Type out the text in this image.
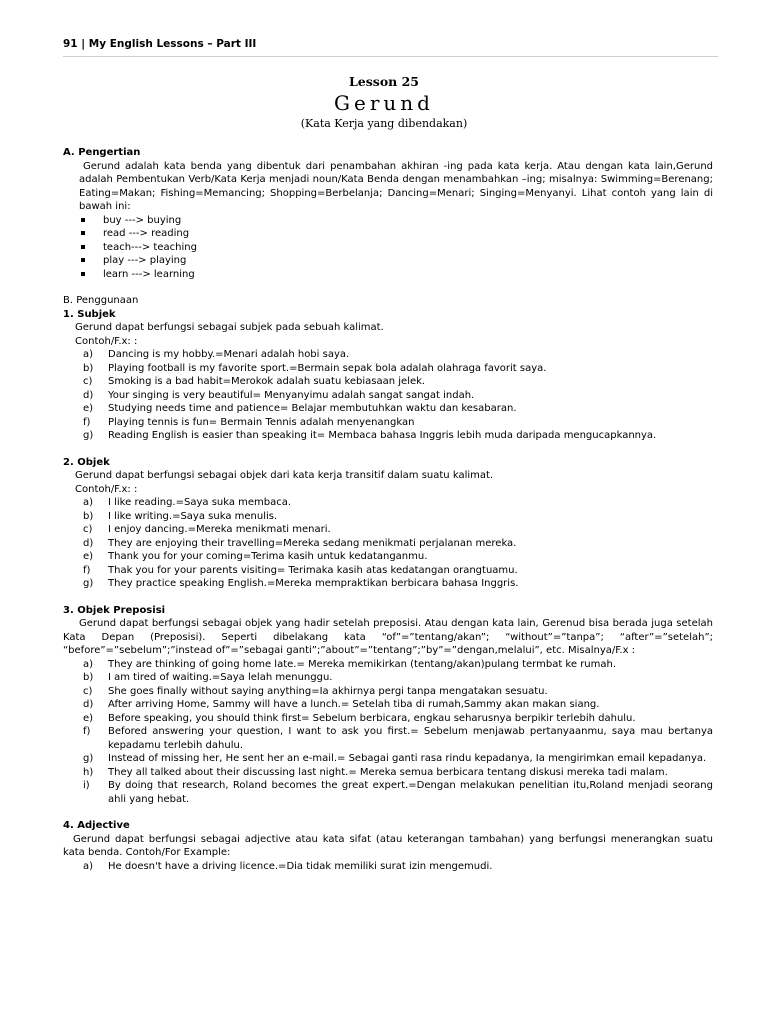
91 | My English Lessons – Part III
Lesson 25
Gerund
(Kata Kerja yang dibendakan)
A. Pengertian

Gerund adalah kata benda yang dibentuk dari penambahan akhiran -ing pada kata kerja. Atau dengan kata lain,Gerund adalah Pembentukan Verb/Kata Kerja menjadi noun/Kata Benda dengan menambahkan –ing; misalnya: Swimming=Berenang; Eating=Makan; Fishing=Memancing; Shopping=Berbelanja; Dancing=Menari; Singing=Menyanyi. Lihat contoh yang lain di bawah ini:

buy ---> buying
read ---> reading
teach---> teaching
play ---> playing
learn ---> learning
B. Penggunaan
1. Subjek

Gerund dapat berfungsi sebagai subjek pada sebuah kalimat.

Contoh/F.x: :

a) Dancing is my hobby.=Menari adalah hobi saya.
b) Playing football is my favorite sport.=Bermain sepak bola adalah olahraga favorit saya.
c) Smoking is a bad habit=Merokok adalah suatu kebiasaan jelek.
d) Your singing is very beautiful= Menyanyimu adalah sangat sangat indah.
e) Studying needs time and patience= Belajar membutuhkan waktu dan kesabaran.
f) Playing tennis is fun= Bermain Tennis adalah menyenangkan
g) Reading English is easier than speaking it= Membaca bahasa Inggris lebih muda daripada mengucapkannya.
2. Objek

Gerund dapat berfungsi sebagai objek dari kata kerja transitif dalam suatu kalimat.

Contoh/F.x: :

a) I like reading.=Saya suka membaca.
b) I like writing.=Saya suka menulis.
c) I enjoy dancing.=Mereka menikmati menari.
d) They are enjoying their travelling=Mereka sedang menikmati perjalanan mereka.
e) Thank you for your coming=Terima kasih untuk kedatanganmu.
f) Thak you for your parents visiting= Terimaka kasih atas kedatangan orangtuamu.
g) They practice speaking English.=Mereka mempraktikan berbicara bahasa Inggris.
3. Objek Preposisi

Gerund dapat berfungsi sebagai objek yang hadir setelah preposisi. Atau dengan kata lain, Gerenud bisa berada juga setelah Kata Depan (Preposisi). Seperti dibelakang kata “of”=”tentang/akan”; “without”=”tanpa”; “after”=”setelah”; “before”=”sebelum”;”instead of”=”sebagai ganti”;”about”=”tentang”;”by”=”dengan,melalui”, etc. Misalnya/F.x :

a) They are thinking of going home late.= Mereka memikirkan (tentang/akan)pulang termbat ke rumah.
b) I am tired of waiting.=Saya lelah menunggu.
c) She goes finally without saying anything=Ia akhirnya pergi tanpa mengatakan sesuatu.
d) After arriving Home, Sammy will have a lunch.= Setelah tiba di rumah,Sammy akan makan siang.
e) Before speaking, you should think first= Sebelum berbicara, engkau seharusnya berpikir terlebih dahulu.
f) Befored answering your question, I want to ask you first.= Sebelum menjawab pertanyaanmu, saya mau bertanya kepadamu terlebih dahulu.
g) Instead of missing her, He sent her an e-mail.= Sebagai ganti rasa rindu kepadanya, Ia mengirimkan email kepadanya.
h) They all talked about their discussing last night.= Mereka semua berbicara tentang diskusi mereka tadi malam.
i) By doing that research, Roland becomes the great expert.=Dengan melakukan penelitian itu,Roland menjadi seorang ahli yang hebat.
4. Adjective

Gerund dapat berfungsi sebagai adjective atau kata sifat (atau keterangan tambahan) yang berfungsi menerangkan suatu kata benda. Contoh/For Example:

a) He doesn't have a driving licence.=Dia tidak memiliki surat izin mengemudi.
